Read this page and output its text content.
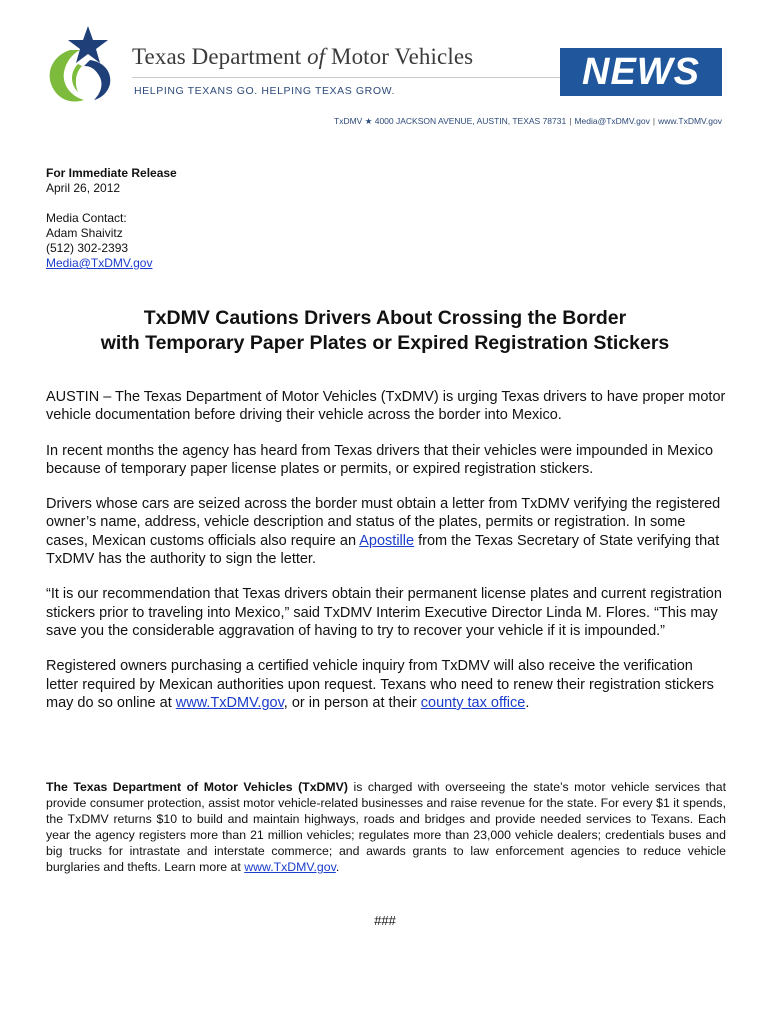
Texas Department of Motor Vehicles
HELPING TEXANS GO. HELPING TEXAS GROW.	NEWS
TxDMV ★ 4000 JACKSON AVENUE, AUSTIN, TEXAS 78731 | Media@TxDMV.gov | www.TxDMV.gov
For Immediate Release
April 26, 2012
Media Contact:
Adam Shaivitz
(512) 302-2393
Media@TxDMV.gov
TxDMV Cautions Drivers About Crossing the Border
with Temporary Paper Plates or Expired Registration Stickers

AUSTIN – The Texas Department of Motor Vehicles (TxDMV) is urging Texas drivers to have proper motor vehicle documentation before driving their vehicle across the border into Mexico.

In recent months the agency has heard from Texas drivers that their vehicles were impounded in Mexico because of temporary paper license plates or permits, or expired registration stickers.

Drivers whose cars are seized across the border must obtain a letter from TxDMV verifying the registered owner’s name, address, vehicle description and status of the plates, permits or registration. In some cases, Mexican customs officials also require an Apostille from the Texas Secretary of State verifying that TxDMV has the authority to sign the letter.

“It is our recommendation that Texas drivers obtain their permanent license plates and current registration stickers prior to traveling into Mexico,” said TxDMV Interim Executive Director Linda M. Flores. “This may save you the considerable aggravation of having to try to recover your vehicle if it is impounded.”

Registered owners purchasing a certified vehicle inquiry from TxDMV will also receive the verification letter required by Mexican authorities upon request. Texans who need to renew their registration stickers may do so online at www.TxDMV.gov, or in person at their county tax office.

The Texas Department of Motor Vehicles (TxDMV) is charged with overseeing the state’s motor vehicle services that provide consumer protection, assist motor vehicle-related businesses and raise revenue for the state. For every $1 it spends, the TxDMV returns $10 to build and maintain highways, roads and bridges and provide needed services to Texans. Each year the agency registers more than 21 million vehicles; regulates more than 23,000 vehicle dealers; credentials buses and big trucks for intrastate and interstate commerce; and awards grants to law enforcement agencies to reduce vehicle burglaries and thefts. Learn more at www.TxDMV.gov.
###
